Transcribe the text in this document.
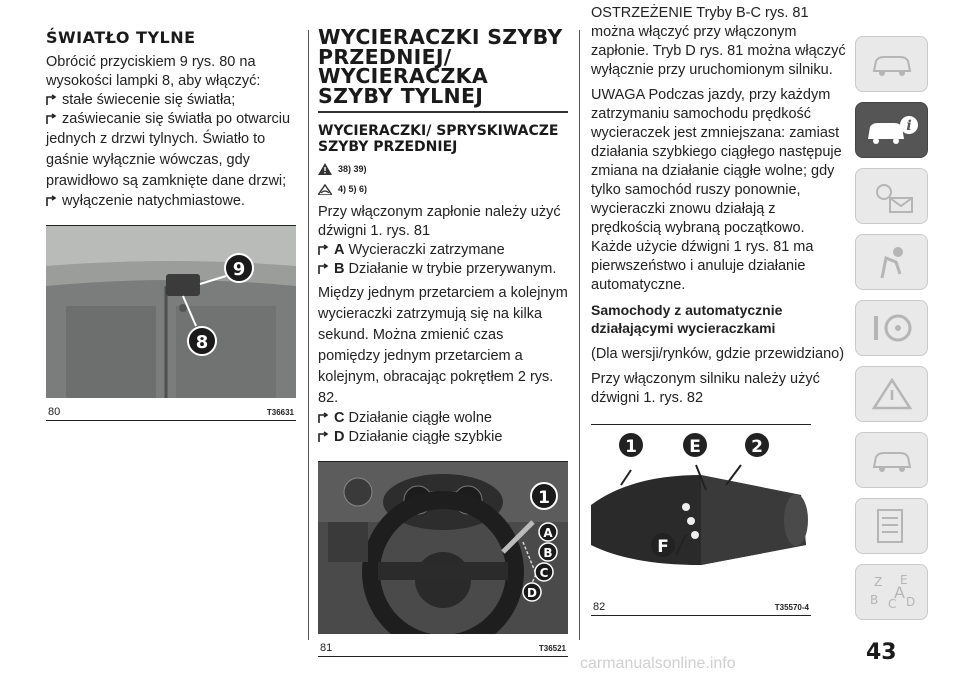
ŚWIATŁO TYLNE

Obrócić przyciskiem 9 rys. 80 na wysokości lampki 8, aby włączyć:

stałe świecenie się światła;
zaświecanie się światła po otwarciu

jednych z drzwi tylnych. Światło to gaśnie wyłącznie wówczas, gdy prawidłowo są zamknięte dane drzwi;

wyłączenie natychmiastowe.
9
8
80	T36631
WYCIERACZKI SZYBY PRZEDNIEJ/ WYCIERACZKA SZYBY TYLNEJ
WYCIERACZKI/ SPRYSKIWACZE SZYBY PRZEDNIEJ
38) 39)
4) 5) 6)

Przy włączonym zapłonie należy użyć dźwigni 1. rys. 81

A Wycieraczki zatrzymane
B Działanie w trybie przerywanym.

Między jednym przetarciem a kolejnym wycieraczki zatrzymują się na kilka sekund. Można zmienić czas pomiędzy jednym przetarciem a kolejnym, obracając pokrętłem 2 rys. 82.

C Działanie ciągłe wolne
D Działanie ciągłe szybkie
1
A
B
C
D
81	T36521

OSTRZEŻENIE Tryby B-C rys. 81 można włączyć przy włączonym zapłonie. Tryb D rys. 81 można włączyć wyłącznie przy uruchomionym silniku.

UWAGA Podczas jazdy, przy każdym zatrzymaniu samochodu prędkość wycieraczek jest zmniejszana: zamiast działania szybkiego ciągłego następuje zmiana na działanie ciągłe wolne; gdy tylko samochód ruszy ponownie, wycieraczki znowu działają z prędkością wybraną początkowo. Każde użycie dźwigni 1 rys. 81 ma pierwszeństwo i anuluje działanie automatyczne.

Samochody z automatycznie działającymi wycieraczkami

(Dla wersji/rynków, gdzie przewidziano)

Przy włączonym silniku należy użyć dźwigni 1. rys. 82

1	E	2
F
82	T35570-4
i
Z E
B C
A D
43
carmanualsonline.info
